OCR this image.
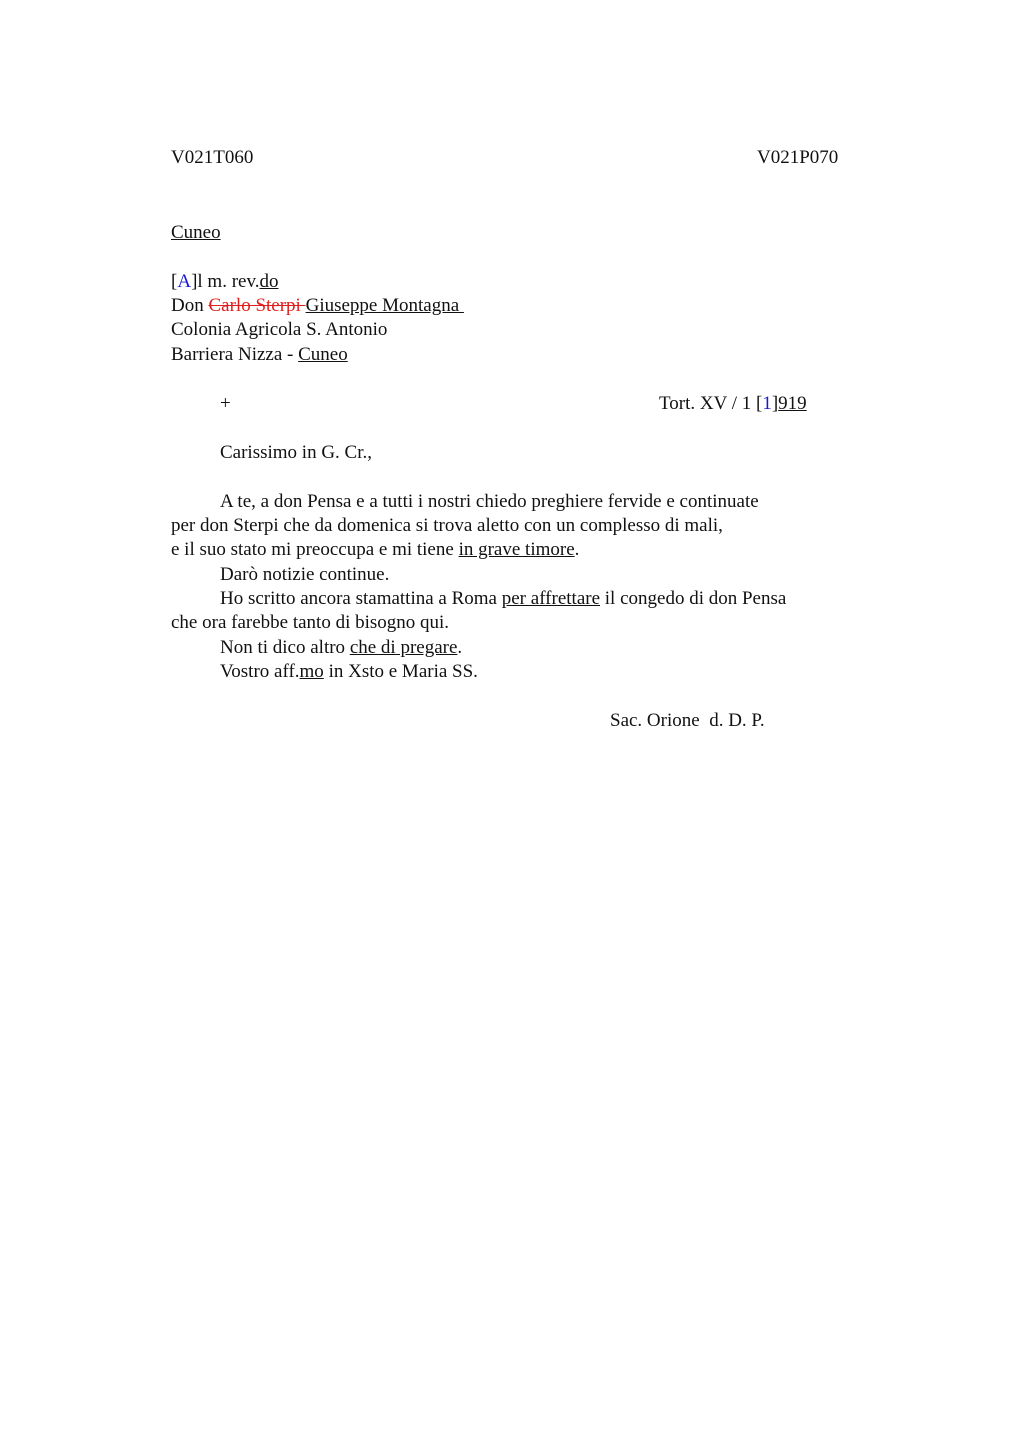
V021T060	V021P070
Cuneo
[A]l m. rev.do
Don Carlo Sterpi Giuseppe Montagna
Colonia Agricola S. Antonio
Barriera Nizza - Cuneo
+	Tort. XV / 1 [1]919
Carissimo in G. Cr.,
A te, a don Pensa e a tutti i nostri chiedo preghiere fervide e continuate
per don Sterpi che da domenica si trova aletto con un complesso di mali,
e il suo stato mi preoccupa e mi tiene in grave timore.
Darò notizie continue.
Ho scritto ancora stamattina a Roma per affrettare il congedo di don Pensa
che ora farebbe tanto di bisogno qui.
Non ti dico altro che di pregare.
Vostro aff.mo in Xsto e Maria SS.
Sac. Orione  d. D. P.
